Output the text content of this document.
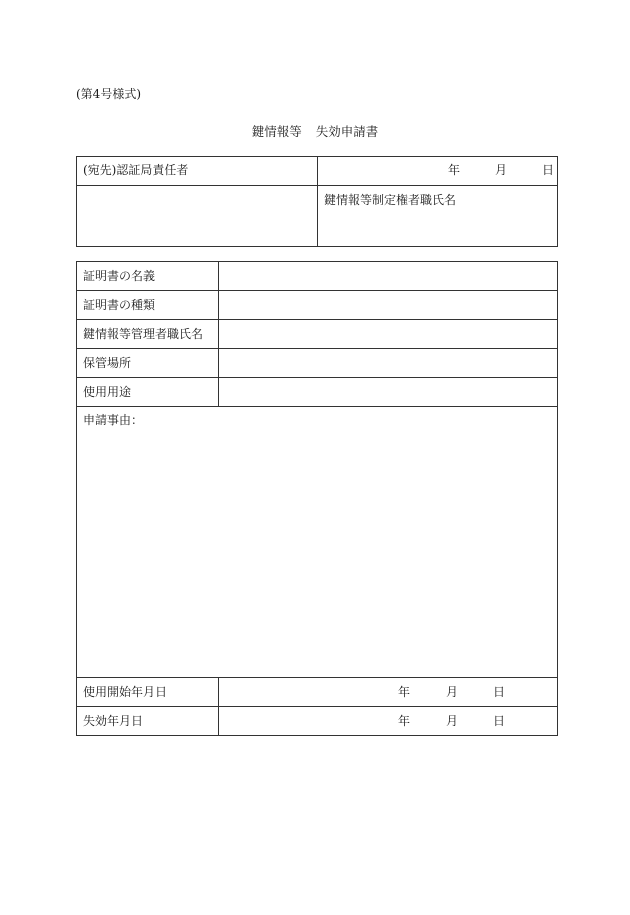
(第4号様式)
鍵情報等 失効申請書
(宛先)認証局責任者	年 月 日

	鍵情報等制定権者職氏名
証明書の名義	
証明書の種類	
鍵情報等管理者職氏名	
保管場所	
使用用途	
申請事由：	
使用開始年月日	年 月 日

失効年月日	年 月 日
